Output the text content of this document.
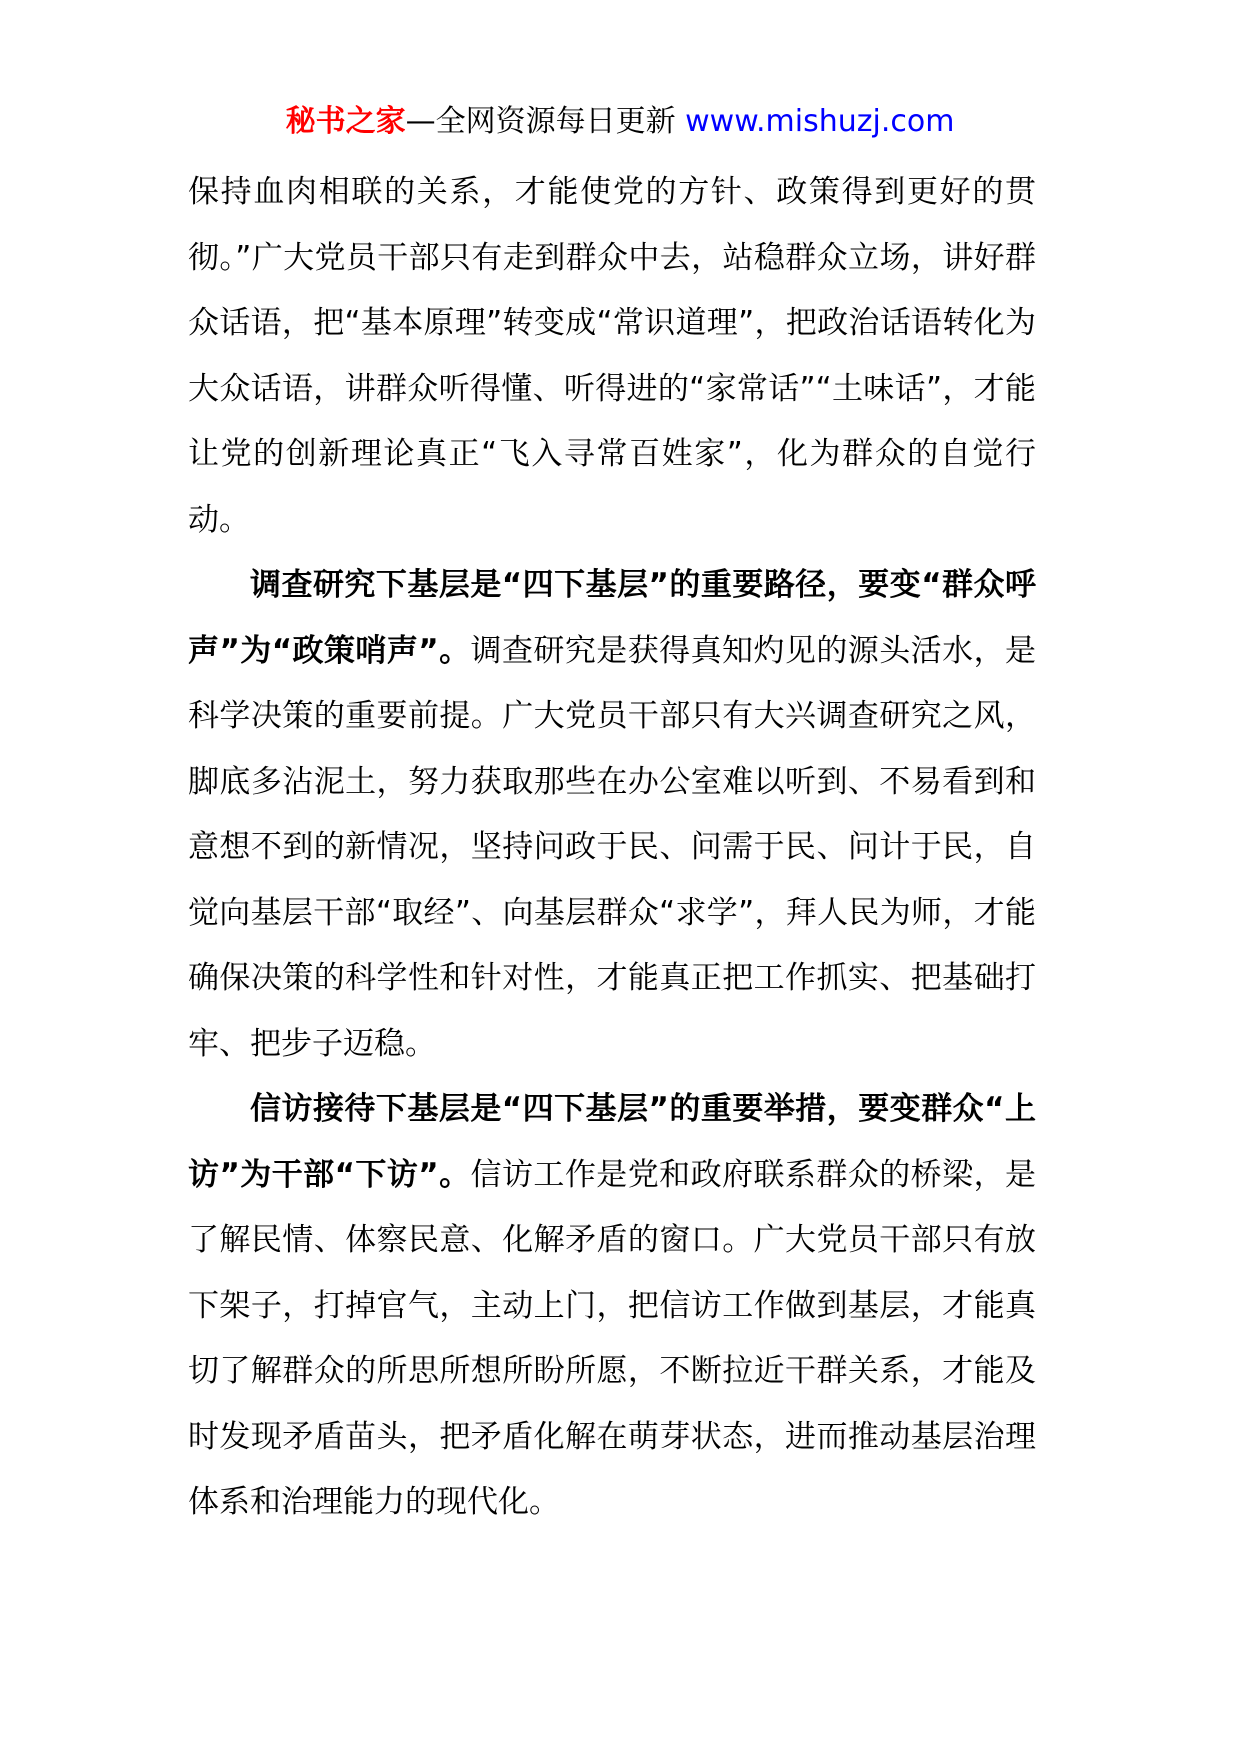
秘书之家—全网资源每日更新 www.mishuzj.com

保持血肉相联的关系，才能使党的方针、政策得到更好的贯彻。”广大党员干部只有走到群众中去，站稳群众立场，讲好群众话语，把“基本原理”转变成“常识道理”，把政治话语转化为大众话语，讲群众听得懂、听得进的“家常话”“土味话”，才能让党的创新理论真正“飞入寻常百姓家”，化为群众的自觉行动。

调查研究下基层是“四下基层”的重要路径，要变“群众呼声”为“政策哨声”。调查研究是获得真知灼见的源头活水，是科学决策的重要前提。广大党员干部只有大兴调查研究之风，脚底多沾泥土，努力获取那些在办公室难以听到、不易看到和意想不到的新情况，坚持问政于民、问需于民、问计于民，自觉向基层干部“取经”、向基层群众“求学”，拜人民为师，才能确保决策的科学性和针对性，才能真正把工作抓实、把基础打牢、把步子迈稳。

信访接待下基层是“四下基层”的重要举措，要变群众“上访”为干部“下访”。信访工作是党和政府联系群众的桥梁，是了解民情、体察民意、化解矛盾的窗口。广大党员干部只有放下架子，打掉官气，主动上门，把信访工作做到基层，才能真切了解群众的所思所想所盼所愿，不断拉近干群关系，才能及时发现矛盾苗头，把矛盾化解在萌芽状态，进而推动基层治理体系和治理能力的现代化。
